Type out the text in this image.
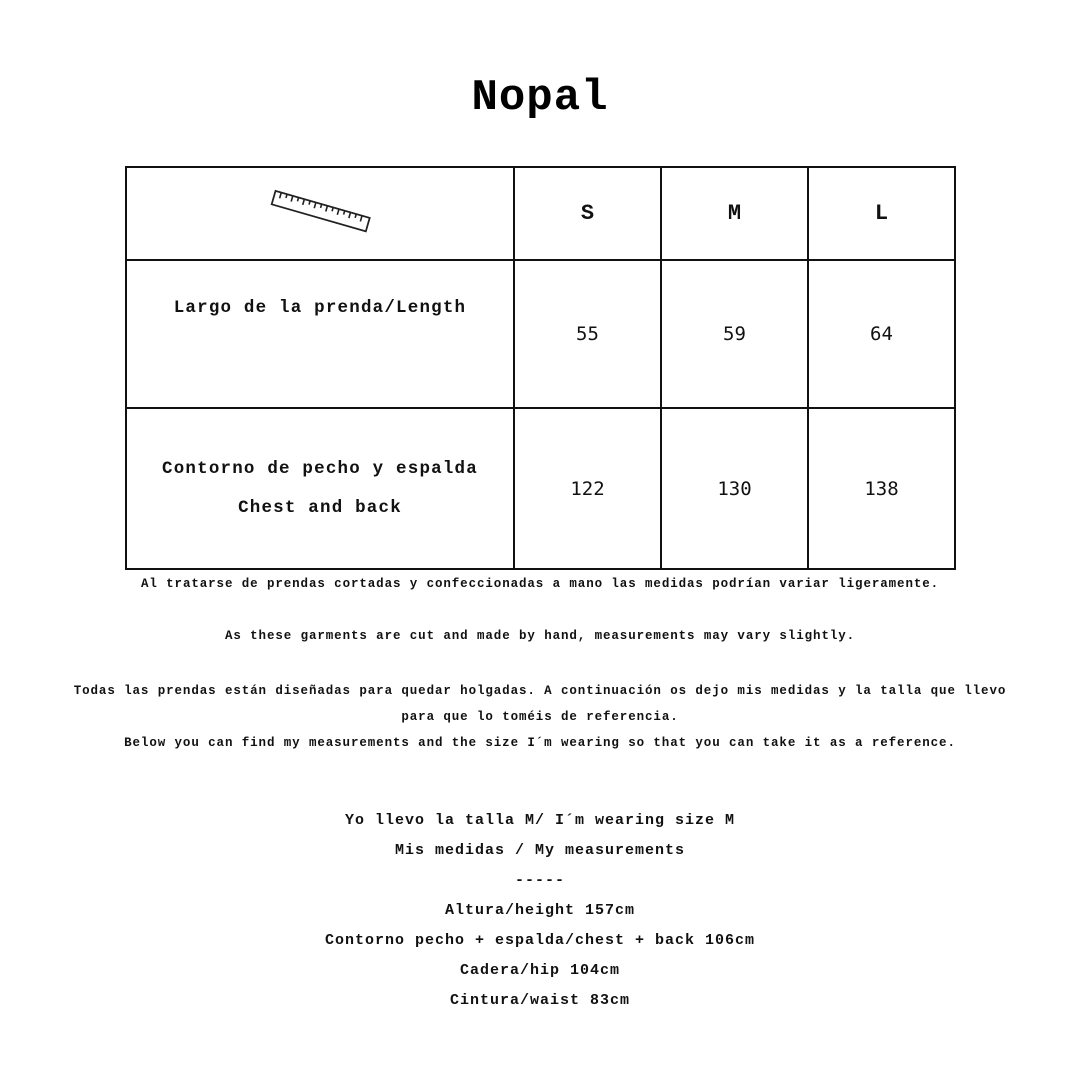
Nopal
	S	M	L

Largo de la prenda/Length	55	59	64

Contorno de pecho y espalda
Chest and back	122	130	138
Al tratarse de prendas cortadas y confeccionadas a mano las medidas podrían variar ligeramente.
As these garments are cut and made by hand, measurements may vary slightly.
Todas las prendas están diseñadas para quedar holgadas. A continuación os dejo mis medidas y la talla que llevo
para que lo toméis de referencia.
Below you can find my measurements and the size I´m wearing so that you can take it as a reference.
Yo llevo la talla M/ I´m wearing size M
Mis medidas / My measurements
-----
Altura/height 157cm
Contorno pecho + espalda/chest + back 106cm
Cadera/hip 104cm
Cintura/waist 83cm
